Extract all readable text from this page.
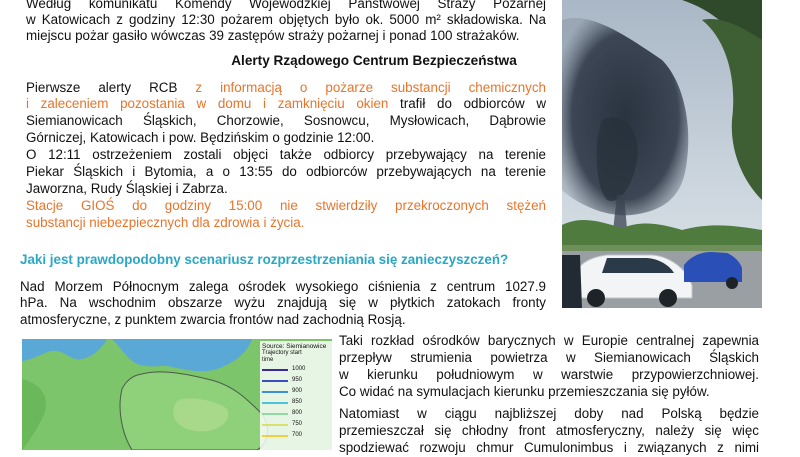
Według komunikatu Komendy Wojewódzkiej Państwowej Straży Pożarnej
w Katowicach z godziny 12:30 pożarem objętych było ok. 5000 m² składowiska. Na
miejscu pożar gasiło wówczas 39 zastępów straży pożarnej i ponad 100 strażaków.
Alerty Rządowego Centrum Bezpieczeństwa
Pierwsze alerty RCB z informacją o pożarze substancji chemicznych
i zaleceniem pozostania w domu i zamknięciu okien trafił do odbiorców w
Siemianowicach Śląskich, Chorzowie, Sosnowcu, Mysłowicach, Dąbrowie
Górniczej, Katowicach i pow. Będzińskim o godzinie 12:00.
O 12:11 ostrzeżeniem zostali objęci także odbiorcy przebywający na terenie
Piekar Śląskich i Bytomia, a o 13:55 do odbiorców przebywających na terenie
Jaworzna, Rudy Śląskiej i Zabrza.
Stacje GIOŚ do godziny 15:00 nie stwierdziły przekroczonych stężeń
substancji niebezpiecznych dla zdrowia i życia.
Jaki jest prawdopodobny scenariusz rozprzestrzeniania się zanieczyszczeń?
Nad Morzem Północnym zalega ośrodek wysokiego ciśnienia z centrum 1027.9
hPa. Na wschodnim obszarze wyżu znajdują się w płytkich zatokach fronty
atmosferyczne, z punktem zwarcia frontów nad zachodnią Rosją.
Taki rozkład ośrodków barycznych w Europie centralnej zapewnia
przepływ strumienia powietrza w Siemianowicach Śląskich
w kierunku południowym w warstwie przypowierzchniowej.
Co widać na symulacjach kierunku przemieszczania się pyłów.
Natomiast w ciągu najbliższej doby nad Polską będzie
przemieszczał się chłodny front atmosferyczny, należy się więc
spodziewać rozwoju chmur Cumulonimbus i związanych z nimi
Source: Siemianowice
Trajectory start
time
1000
950
900
850
800
750
700
